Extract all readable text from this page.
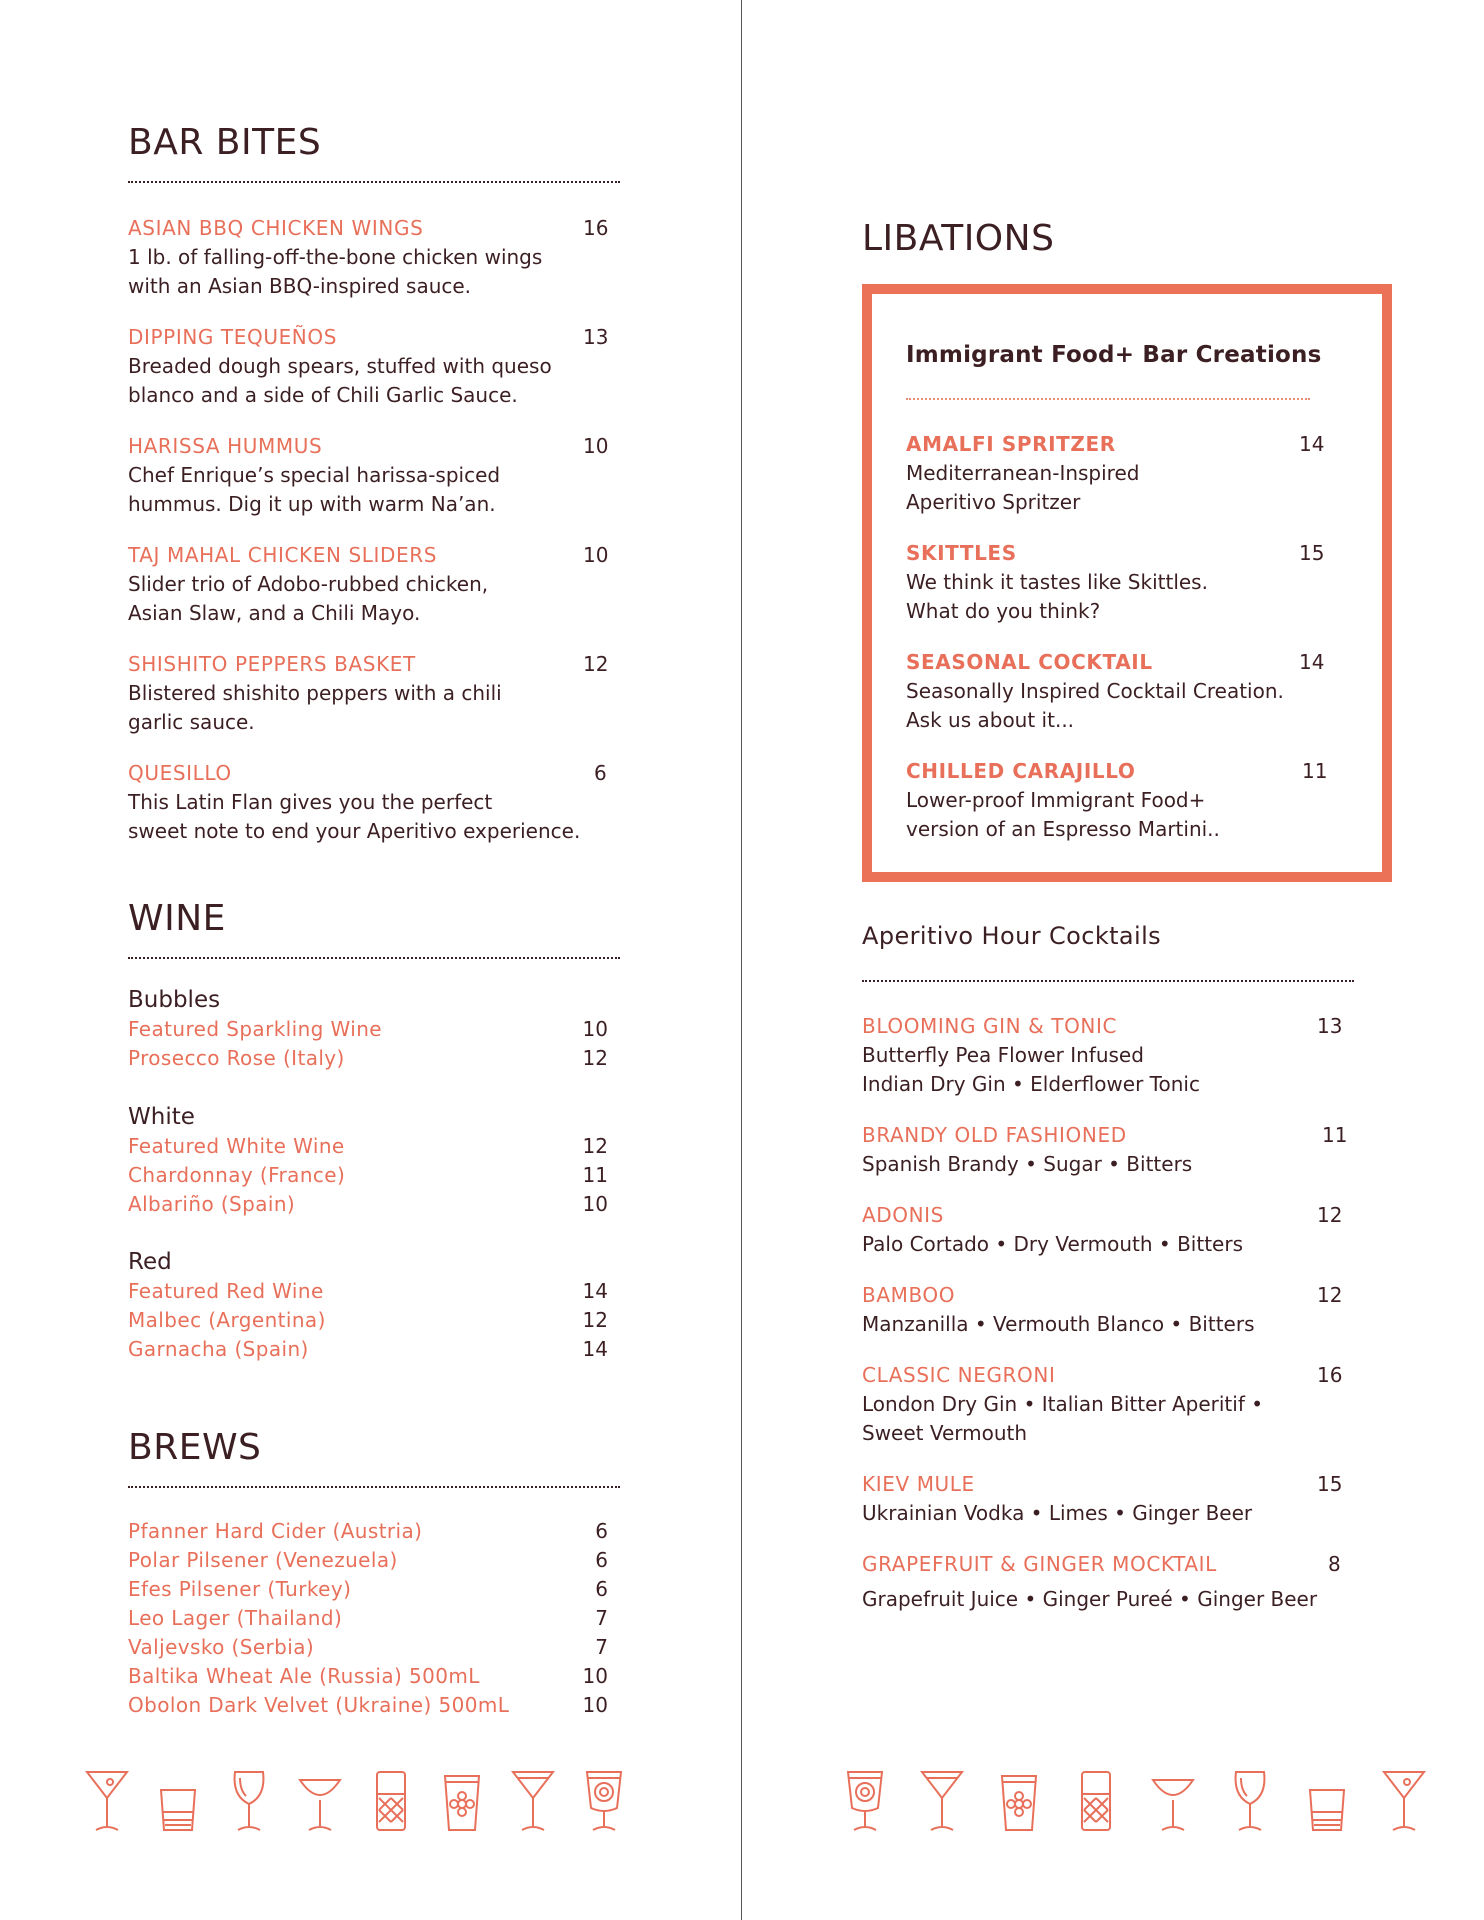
BAR BITES
ASIAN BBQ CHICKEN WINGS	16
1 lb. of falling-off-the-bone chicken wings
with an Asian BBQ-inspired sauce.
DIPPING TEQUEÑOS	13
Breaded dough spears, stuffed with queso
blanco and a side of Chili Garlic Sauce.
HARISSA HUMMUS	10
Chef Enrique’s special harissa-spiced
hummus. Dig it up with warm Na’an.
TAJ MAHAL CHICKEN SLIDERS	10
Slider trio of Adobo-rubbed chicken,
Asian Slaw, and a Chili Mayo.
SHISHITO PEPPERS BASKET	12
Blistered shishito peppers with a chili
garlic sauce.
QUESILLO	6
This Latin Flan gives you the perfect
sweet note to end your Aperitivo experience.
WINE
Bubbles
Featured Sparkling Wine	10
Prosecco Rose (Italy)	12
White
Featured White Wine	12
Chardonnay (France)	11
Albariño (Spain)	10
Red
Featured Red Wine	14
Malbec (Argentina)	12
Garnacha (Spain)	14
BREWS
Pfanner Hard Cider (Austria)	6
Polar Pilsener (Venezuela)	6
Efes Pilsener (Turkey)	6
Leo Lager (Thailand)	7
Valjevsko (Serbia)	7
Baltika Wheat Ale (Russia) 500mL	10
Obolon Dark Velvet (Ukraine) 500mL	10
LIBATIONS
Immigrant Food+ Bar Creations
AMALFI SPRITZER	14
Mediterranean-Inspired
Aperitivo Spritzer
SKITTLES	15
We think it tastes like Skittles.
What do you think?
SEASONAL COCKTAIL	14
Seasonally Inspired Cocktail Creation.
Ask us about it...
CHILLED CARAJILLO	11
Lower-proof Immigrant Food+
version of an Espresso Martini..
Aperitivo Hour Cocktails
BLOOMING GIN & TONIC	13
Butterfly Pea Flower Infused
Indian Dry Gin • Elderflower Tonic
BRANDY OLD FASHIONED	11
Spanish Brandy • Sugar • Bitters
ADONIS	12
Palo Cortado • Dry Vermouth • Bitters
BAMBOO	12
Manzanilla • Vermouth Blanco • Bitters
CLASSIC NEGRONI	16
London Dry Gin • Italian Bitter Aperitif •
Sweet Vermouth
KIEV MULE	15
Ukrainian Vodka • Limes • Ginger Beer
GRAPEFRUIT & GINGER MOCKTAIL	8
Grapefruit Juice • Ginger Pureé • Ginger Beer
